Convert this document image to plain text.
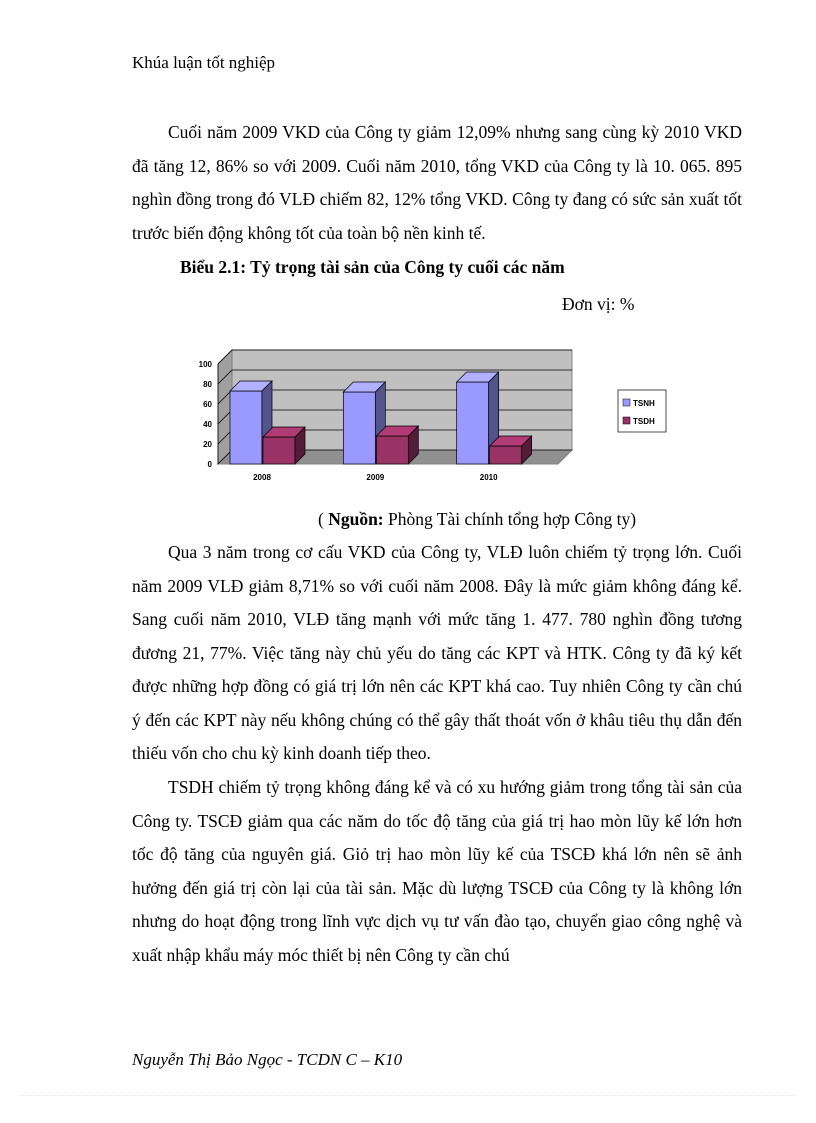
Khúa luận tốt nghiệp

Cuối năm 2009 VKD của Công ty giảm 12,09% nhưng sang cùng kỳ 2010 VKD đã tăng 12, 86% so với 2009. Cuối năm 2010, tổng VKD của Công ty là 10. 065. 895 nghìn đồng trong đó VLĐ chiếm 82, 12% tổng VKD. Công ty đang có sức sản xuất tốt trước biến động không tốt của toàn bộ nền kinh tế.

Biểu 2.1: Tỷ trọng tài sản của Công ty cuối các năm
Đơn vị: %
0
20
40
60
80
100
2008	2009	2010
TSNH
TSDH
( Nguồn: Phòng Tài chính tổng hợp Công ty)

Qua 3 năm trong cơ cấu VKD của Công ty, VLĐ luôn chiếm tỷ trọng lớn. Cuối năm 2009 VLĐ giảm 8,71% so với cuối năm 2008. Đây là mức giảm không đáng kể. Sang cuối năm 2010, VLĐ tăng mạnh với mức tăng 1. 477. 780 nghìn đồng tương đương 21, 77%. Việc tăng này chủ yếu do tăng các KPT và HTK. Công ty đã ký kết được những hợp đồng có giá trị lớn nên các KPT khá cao. Tuy nhiên Công ty cần chú ý đến các KPT này nếu không chúng có thể gây thất thoát vốn ở khâu tiêu thụ dẫn đến thiếu vốn cho chu kỳ kinh doanh tiếp theo.

TSDH chiếm tỷ trọng không đáng kể và có xu hướng giảm trong tổng tài sản của Công ty. TSCĐ giảm qua các năm do tốc độ tăng của giá trị hao mòn lũy kế lớn hơn tốc độ tăng của nguyên giá. Giỏ trị hao mòn lũy kế của TSCĐ khá lớn nên sẽ ảnh hưởng đến giá trị còn lại của tài sản. Mặc dù lượng TSCĐ của Công ty là không lớn nhưng do hoạt động trong lĩnh vực dịch vụ tư vấn đào tạo, chuyển giao công nghệ và xuất nhập khẩu máy móc thiết bị nên Công ty cần chú

Nguyễn Thị Bảo Ngọc - TCDN C – K10
